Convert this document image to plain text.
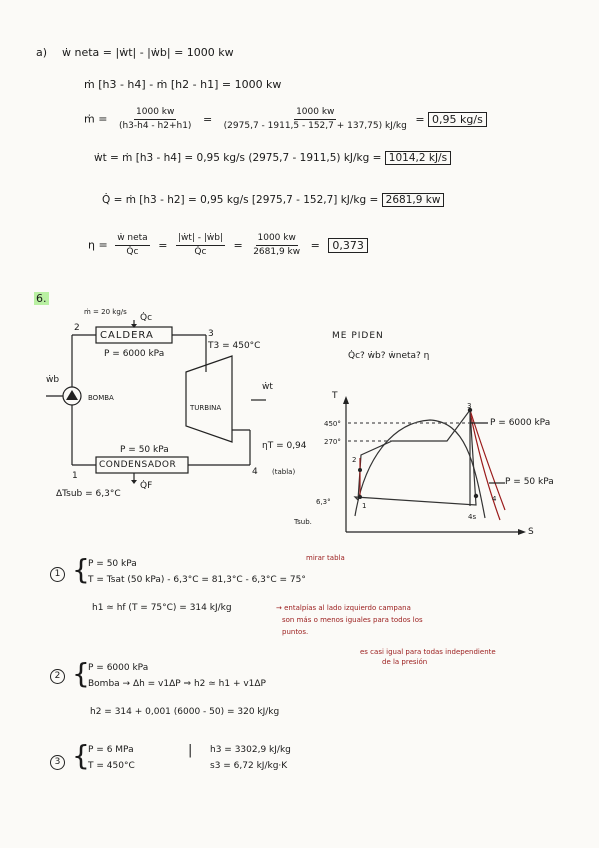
a) ẇ neta = |ẇt| - |ẇb| = 1000 kw
ṁ [h3 - h4] - ṁ [h2 - h1] = 1000 kw
ṁ = $\frac{1000 kw}{(h3-h4 - h2+h1)} = \frac{1000 kw}{(2975,7 - 1911,5 - 152,7 + 137,75) kJ/kg} = 0,95$ kg/s
ẇt = ṁ [h3 - h4] = 0,95 kg/s (2975,7 - 1911,5) kJ/kg = 1014,2 kJ/s
Q̇ = ṁ [h3 - h2] = 0,95 kg/s [2975,7 - 152,7] kJ/kg = 2681,9 kw
$\eta = \frac{\text{ẇ neta}}{Q̇c} = \frac{\text{|ẇt| - |ẇb|}}{Q̇c} = \frac{1000 kw}{2681,9 kw} = 0,373$
6.
ṁ = 20 kg/s
Q̇c
2
CALDERA
P = 6000 kPa
3
T3 = 450°C
ẇb
BOMBA
TURBINA
ẇt
ηT = 0,94
(tabla)
P = 50 kPa
CONDENSADOR
Q̇F
1	4
ΔTsub = 6,3°C
ME PIDEN
Q̇c? ẇb? ẇneta? η
T
S
450°
270°
3
2
1
4
4s
P = 6000 kPa
P = 50 kPa
6,3°
Tsub.
mirar tabla
1 {
P = 50 kPa
T = Tsat (50 kPa) - 6,3°C = 81,3°C - 6,3°C = 75°
h1 ≃ hf (T = 75°C) = 314 kJ/kg	→ entalpías al lado izquierdo campana
son más o menos iguales para todos los
puntos.
es casi igual para todas independiente
de la presión
2 {
P = 6000 kPa
Bomba → Δh = v1ΔP ⇒ h2 ≃ h1 + v1ΔP
h2 = 314 + 0,001 (6000 - 50) = 320 kJ/kg
3 {
P = 6 MPa
T = 450°C
| h3 = 3302,9 kJ/kg
s3 = 6,72 kJ/kg·K
